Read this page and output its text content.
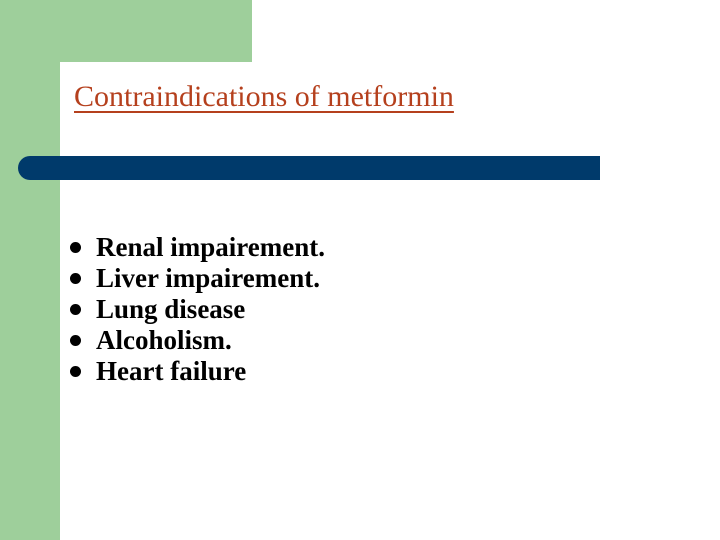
Contraindications of metformin
Renal impairement.
Liver impairement.
Lung disease
Alcoholism.
Heart failure
